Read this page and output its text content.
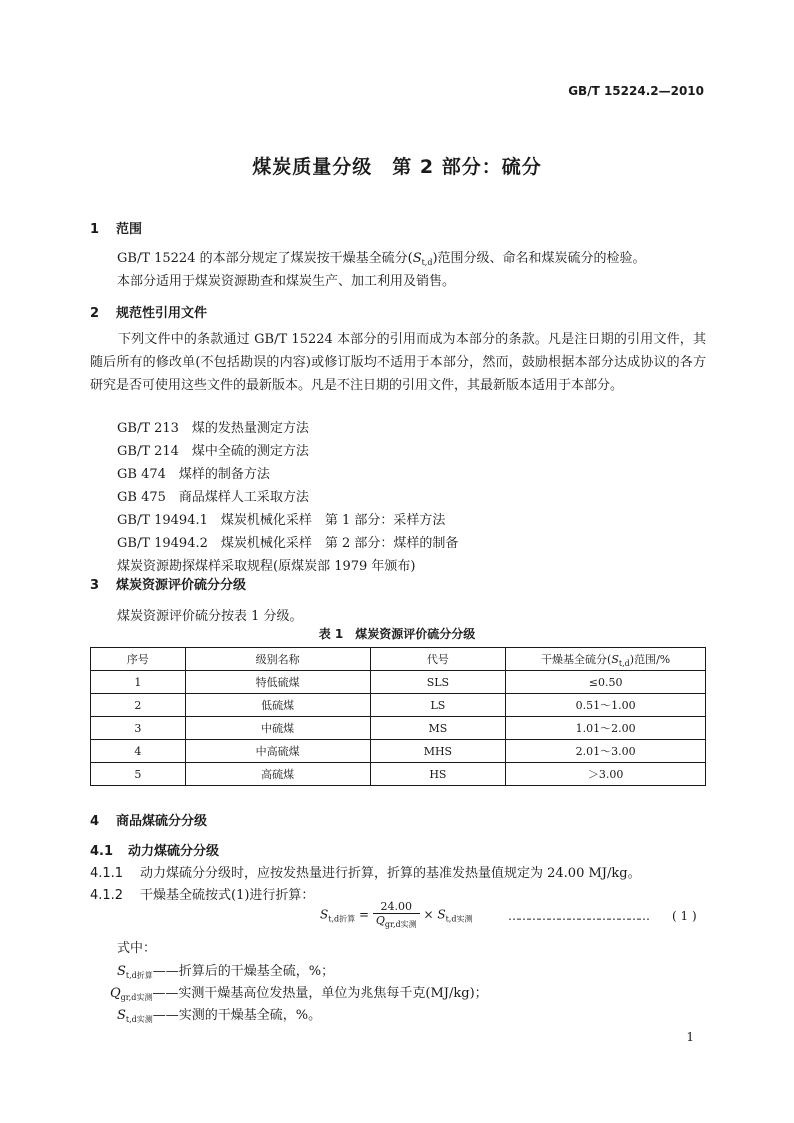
GB/T 15224.2—2010
煤炭质量分级　第 2 部分：硫分
1 范围
GB/T 15224 的本部分规定了煤炭按干燥基全硫分$(S_{t,d})$范围分级、命名和煤炭硫分的检验。
本部分适用于煤炭资源勘查和煤炭生产、加工利用及销售。
2 规范性引用文件
下列文件中的条款通过 GB/T 15224 本部分的引用而成为本部分的条款。凡是注日期的引用文件，其随后所有的修改单(不包括勘误的内容)或修订版均不适用于本部分，然而，鼓励根据本部分达成协议的各方研究是否可使用这些文件的最新版本。凡是不注日期的引用文件，其最新版本适用于本部分。
GB/T 213　煤的发热量测定方法
GB/T 214　煤中全硫的测定方法
GB 474　煤样的制备方法
GB 475　商品煤样人工采取方法
GB/T 19494.1　煤炭机械化采样　第 1 部分：采样方法
GB/T 19494.2　煤炭机械化采样　第 2 部分：煤样的制备
煤炭资源勘探煤样采取规程(原煤炭部 1979 年颁布)
3 煤炭资源评价硫分分级
煤炭资源评价硫分按表 1 分级。
表 1　煤炭资源评价硫分分级
序号	级别名称	代号	干燥基全硫分$(S_{t,d})$范围/%
1	特低硫煤	SLS	≤0.50
2	低硫煤	LS	0.51～1.00
3	中硫煤	MS	1.01～2.00
4	中高硫煤	MHS	2.01～3.00
5	高硫煤	HS	＞3.00
4 商品煤硫分分级
4.1 动力煤硫分分级
4.1.1 动力煤硫分分级时，应按发热量进行折算，折算的基准发热量值规定为 24.00 MJ/kg。
4.1.2 干燥基全硫按式(1)进行折算：
$S_{t,d折算} = \frac{24.00}{Q_{gr,d实测}} \times S_{t,d实测}$	…………………………………… ( 1 )
式中：
$S_{t,d折算}——$折算后的干燥基全硫，%；
$Q_{gr,d实测}——$实测干燥基高位发热量，单位为兆焦每千克(MJ/kg)；
$S_{t,d实测}——$实测的干燥基全硫，%。
1
